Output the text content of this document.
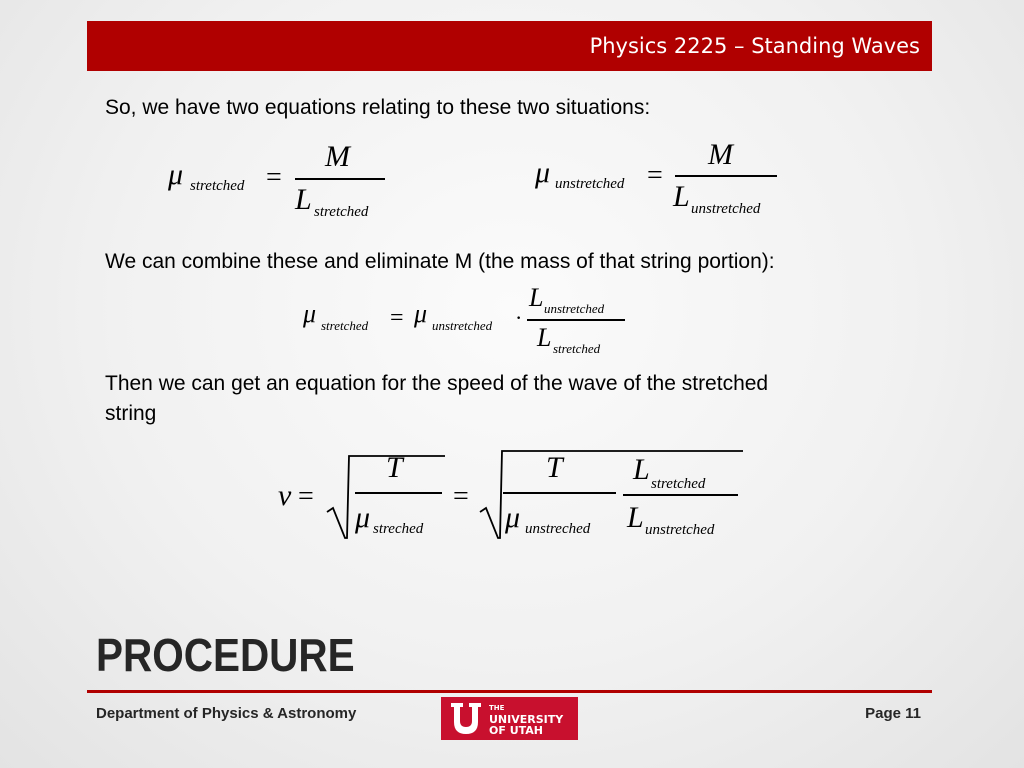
Physics 2225 – Standing Waves
So, we have two equations relating to these two situations:
μ stretched =
M
L stretched
μ unstretched =
M
L unstretched
We can combine these and eliminate M (the mass of that string portion):
μ stretched = μ unstretched ·
L unstretched
L stretched
Then we can get an equation for the speed of the wave of the stretched
string
v =
T
μ streched
=
T
μ unstreched
L stretched
L unstretched
PROCEDURE
Department of Physics & Astronomy	THE
UNIVERSITY
OF UTAH
Page 11
